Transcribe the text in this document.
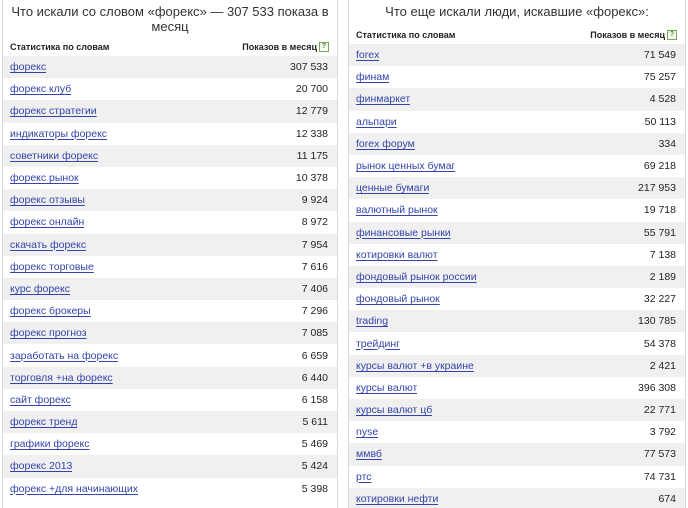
Что искали со словом «форекс» — 307 533 показа в месяц
Статистика по словам	Показов в месяц ?
форекс	307 533
форекс клуб	20 700
форекс стратегии	12 779
индикаторы форекс	12 338
советники форекс	11 175
форекс рынок	10 378
форекс отзывы	9 924
форекс онлайн	8 972
скачать форекс	7 954
форекс торговые	7 616
курс форекс	7 406
форекс брокеры	7 296
форекс прогноз	7 085
заработать на форекс	6 659
торговля +на форекс	6 440
сайт форекс	6 158
форекс тренд	5 611
графики форекс	5 469
форекс 2013	5 424
форекс +для начинающих	5 398
Что еще искали люди, искавшие «форекс»:
Статистика по словам	Показов в месяц ?
forex	71 549
финам	75 257
финмаркет	4 528
альпари	50 113
forex форум	334
рынок ценных бумаг	69 218
ценные бумаги	217 953
валютный рынок	19 718
финансовые рынки	55 791
котировки валют	7 138
фондовый рынок россии	2 189
фондовый рынок	32 227
trading	130 785
трейдинг	54 378
курсы валют +в украине	2 421
курсы валют	396 308
курсы валют цб	22 771
nyse	3 792
ммвб	77 573
ртс	74 731
котировки нефти	674
